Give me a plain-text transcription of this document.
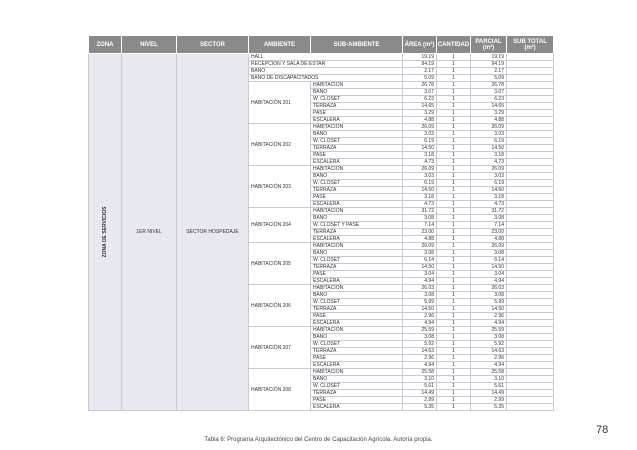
ZONA	NIVEL	SECTOR	AMBIENTE	SUB-AMBIENTE	ÁREA (m²)	CANTIDAD	PARCIAL (m²)	SUB TOTAL (m²)

ZONA DE SERVICIOS	1ER NIVEL	SECTOR HOSPEDAJE	HALL		19.19	1	19.19	
			RECEPCIÓN Y SALA DE ESTAR		94.19	1	94.19	
			BAÑO		2.17	1	2.17	
			BAÑO DE DISCAPACITADOS		5.09	1	5.09	
			HABITACIÓN 201	HABITACIÓN	26.78	1	26.78	
				BAÑO	3.07	1	3.07	
				W. CLOSET	6.23	1	6.23	
				TERRAZA	14.65	1	14.65	
				PASE	3.29	1	3.29	
				ESCALERA	4.88	1	4.88	
			HABITACIÓN 202	HABITACIÓN	26.09	1	26.09	
				BAÑO	3.03	1	3.03	
				W. CLOSET	6.19	1	6.19	
				TERRAZA	14.50	1	14.50	
				PASE	3.18	1	3.18	
				ESCALERA	4.73	1	4.73	
			HABITACIÓN 203	HABITACIÓN	26.09	1	26.09	
				BAÑO	3.03	1	3.03	
				W. CLOSET	6.19	1	6.19	
				TERRAZA	14.50	1	14.50	
				PASE	3.18	1	3.18	
				ESCALERA	4.73	1	4.73	
			HABITACIÓN 204	HABITACIÓN	31.72	1	31.72	
				BAÑO	3.08	1	3.08	
				W. CLOSET Y PASE	7.14	1	7.14	
				TERRAZA	23.00	1	23.00	
				ESCALERA	4.88	1	4.88	
			HABITACIÓN 205	HABITACIÓN	26.09	1	26.09	
				BAÑO	3.08	1	3.08	
				W. CLOSET	6.14	1	6.14	
				TERRAZA	14.50	1	14.50	
				PASE	3.04	1	3.04	
				ESCALERA	4.94	1	4.94	
			HABITACIÓN 206	HABITACIÓN	26.03	1	26.03	
				BAÑO	3.08	1	3.08	
				W. CLOSET	5.99	1	5.99	
				TERRAZA	14.50	1	14.50	
				PASE	2.96	1	2.96	
				ESCALERA	4.94	1	4.94	
			HABITACIÓN 207	HABITACIÓN	25.59	1	25.59	
				BAÑO	3.08	1	3.08	
				W. CLOSET	5.92	1	5.92	
				TERRAZA	14.63	1	14.63	
				PASE	2.96	1	2.96	
				ESCALERA	4.94	1	4.94	
			HABITACIÓN 208	HABITACIÓN	25.58	1	25.58	
				BAÑO	3.10	1	3.10	
				W. CLOSET	5.61	1	5.61	
				TERRAZA	14.49	1	14.49	
				PASE	2.99	1	2.99	
				ESCALERA	5.35	1	5.35	
Tabla 6: Programa Arquitectónico del Centro de Capacitación Agrícola. Autoría propia.
78
